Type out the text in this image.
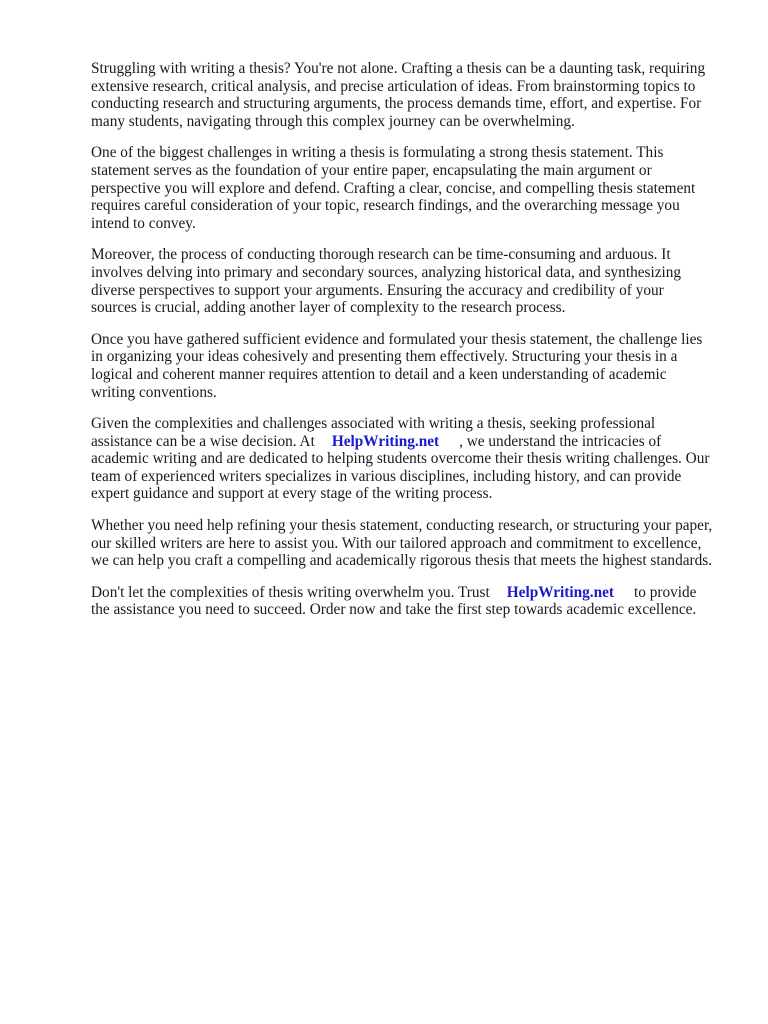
Struggling with writing a thesis? You're not alone. Crafting a thesis can be a daunting task, requiring
extensive research, critical analysis, and precise articulation of ideas. From brainstorming topics to
conducting research and structuring arguments, the process demands time, effort, and expertise. For
many students, navigating through this complex journey can be overwhelming.

One of the biggest challenges in writing a thesis is formulating a strong thesis statement. This
statement serves as the foundation of your entire paper, encapsulating the main argument or
perspective you will explore and defend. Crafting a clear, concise, and compelling thesis statement
requires careful consideration of your topic, research findings, and the overarching message you
intend to convey.

Moreover, the process of conducting thorough research can be time-consuming and arduous. It
involves delving into primary and secondary sources, analyzing historical data, and synthesizing
diverse perspectives to support your arguments. Ensuring the accuracy and credibility of your
sources is crucial, adding another layer of complexity to the research process.

Once you have gathered sufficient evidence and formulated your thesis statement, the challenge lies
in organizing your ideas cohesively and presenting them effectively. Structuring your thesis in a
logical and coherent manner requires attention to detail and a keen understanding of academic
writing conventions.

Given the complexities and challenges associated with writing a thesis, seeking professional
assistance can be a wise decision. At HelpWriting.net , we understand the intricacies of
academic writing and are dedicated to helping students overcome their thesis writing challenges. Our
team of experienced writers specializes in various disciplines, including history, and can provide
expert guidance and support at every stage of the writing process.

Whether you need help refining your thesis statement, conducting research, or structuring your paper,
our skilled writers are here to assist you. With our tailored approach and commitment to excellence,
we can help you craft a compelling and academically rigorous thesis that meets the highest standards.

Don't let the complexities of thesis writing overwhelm you. Trust HelpWriting.net to provide
the assistance you need to succeed. Order now and take the first step towards academic excellence.
